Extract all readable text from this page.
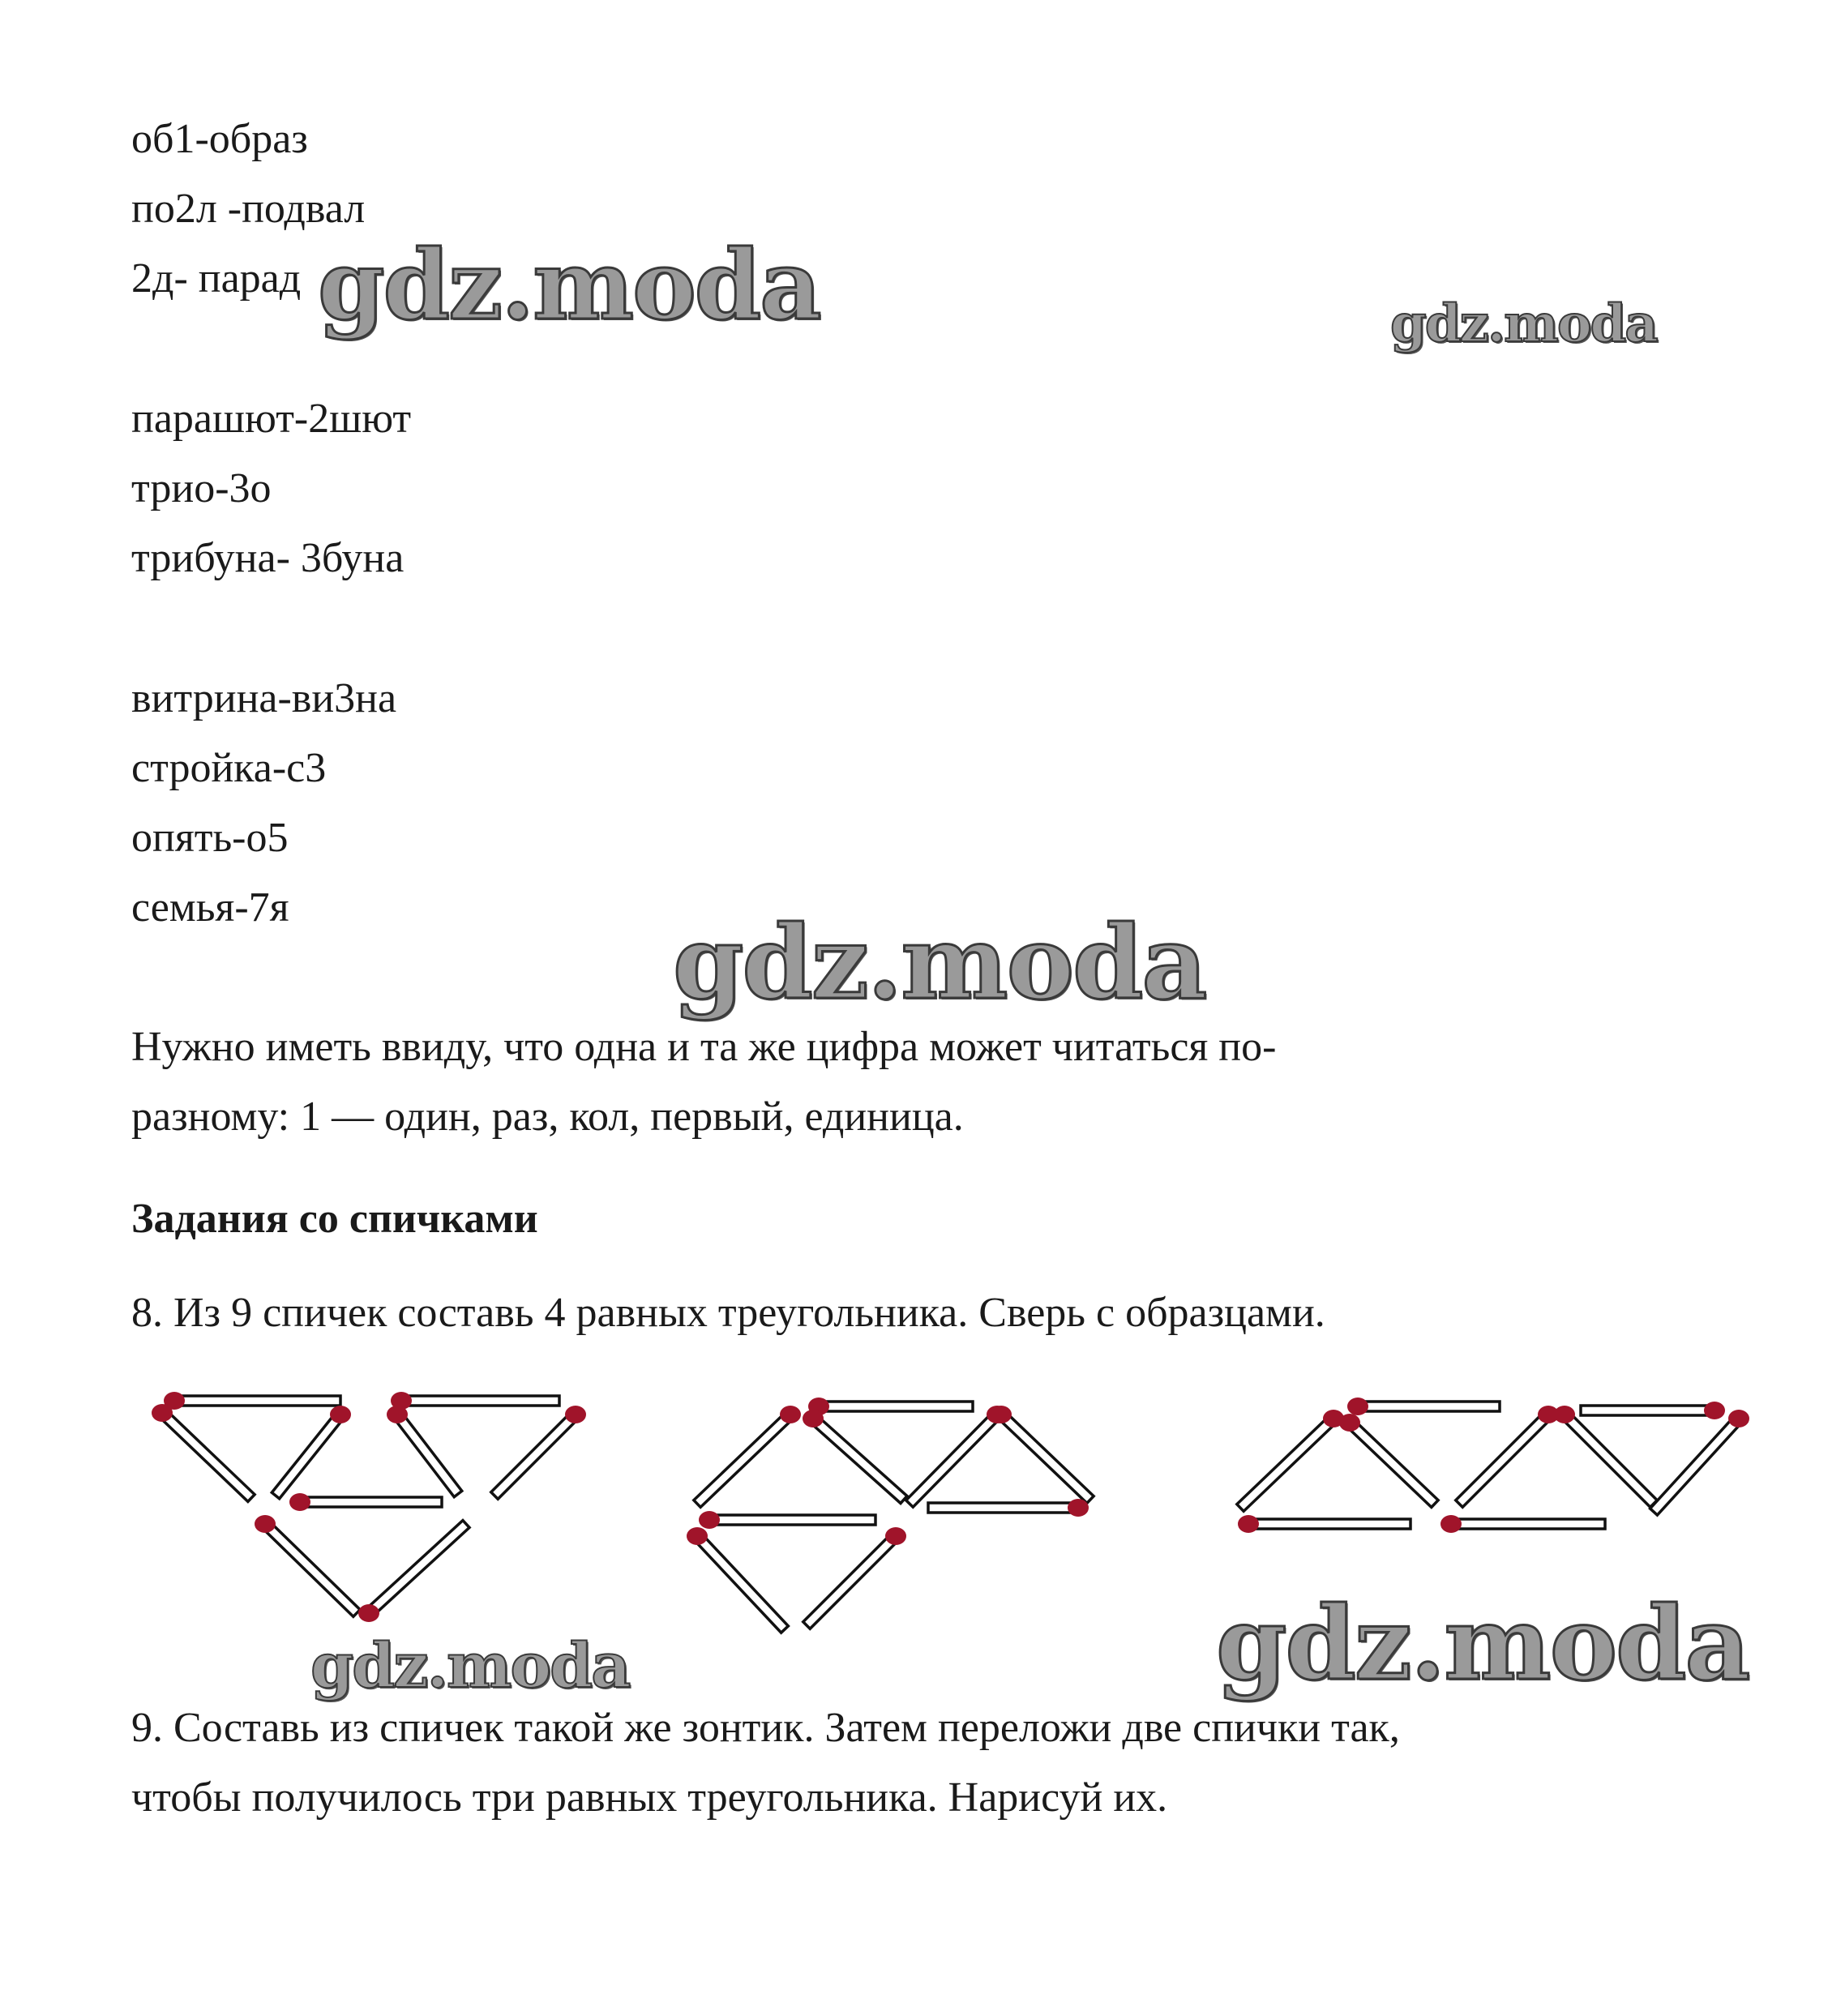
об1-образ
по2л -подвал
2д- парад
парашют-2шют
трио-3о
трибуна- 3буна
витрина-ви3на
стройка-с3
опять-о5
семья-7я
Нужно иметь ввиду, что одна и та же цифра может читаться по-
разному: 1 — один, раз, кол, первый, единица.
Задания со спичками
8. Из 9 спичек составь 4 равных треугольника. Сверь с образцами.
9. Составь из спичек такой же зонтик. Затем переложи две спички так,
чтобы получилось три равных треугольника. Нарисуй их.
gdz.moda	gdz.moda
gdz.moda
gdz.moda	gdz.moda
